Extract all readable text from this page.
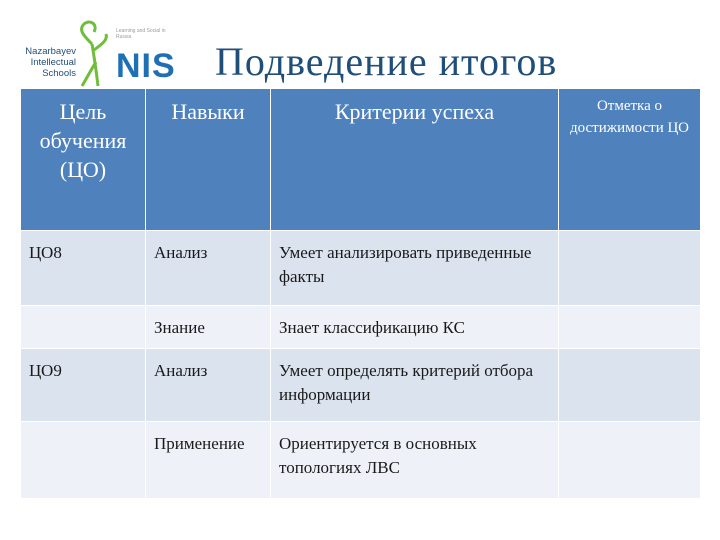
Nazarbayev
Intellectual
Schools
Learning and Social in Russia
NIS Подведение итогов
Цель обучения (ЦО)	Навыки	Критерии успеха	Отметка о достижимости ЦО
ЦО8	Анализ	Умеет анализировать приведенные факты	
	Знание	Знает классификацию КС	
ЦО9	Анализ	Умеет определять критерий отбора информации	
	Применение	Ориентируется в основных топологиях ЛВС	
